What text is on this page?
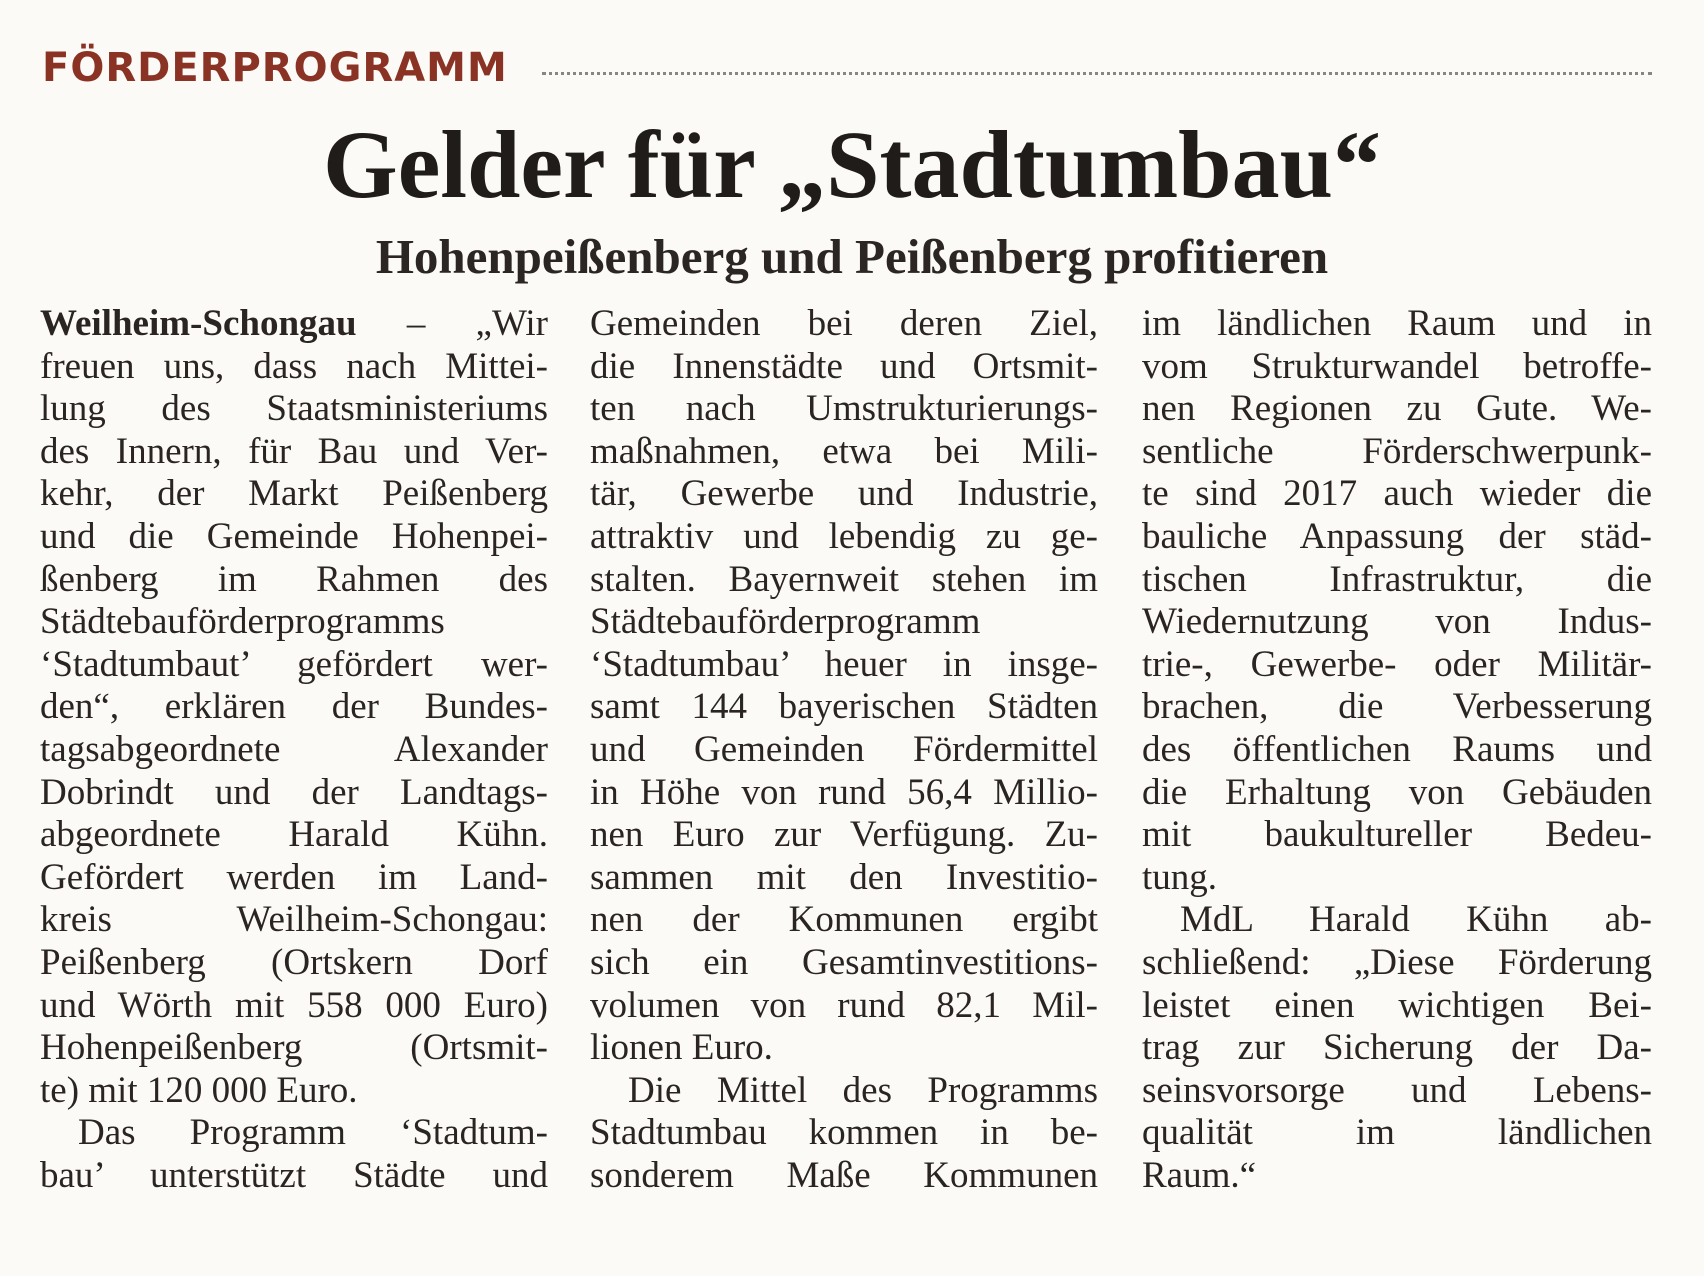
FÖRDERPROGRAMM
Gelder für „Stadtumbau“
Hohenpeißenberg und Peißenberg profitieren
Weilheim-Schongau – „Wir
freuen uns, dass nach Mittei-
lung des Staatsministeriums
des Innern, für Bau und Ver-
kehr, der Markt Peißenberg
und die Gemeinde Hohenpei-
ßenberg im Rahmen des
Städtebauförderprogramms
‘Stadtumbaut’ gefördert wer-
den“, erklären der Bundes-
tagsabgeordnete Alexander
Dobrindt und der Landtags-
abgeordnete Harald Kühn.
Gefördert werden im Land-
kreis Weilheim-Schongau:
Peißenberg (Ortskern Dorf
und Wörth mit 558 000 Euro)
Hohenpeißenberg (Ortsmit-
te) mit 120 000 Euro.
Das Programm ‘Stadtum-
bau’ unterstützt Städte und
Gemeinden bei deren Ziel,
die Innenstädte und Ortsmit-
ten nach Umstrukturierungs-
maßnahmen, etwa bei Mili-
tär, Gewerbe und Industrie,
attraktiv und lebendig zu ge-
stalten. Bayernweit stehen im
Städtebauförderprogramm
‘Stadtumbau’ heuer in insge-
samt 144 bayerischen Städten
und Gemeinden Fördermittel
in Höhe von rund 56,4 Millio-
nen Euro zur Verfügung. Zu-
sammen mit den Investitio-
nen der Kommunen ergibt
sich ein Gesamtinvestitions-
volumen von rund 82,1 Mil-
lionen Euro.
Die Mittel des Programms
Stadtumbau kommen in be-
sonderem Maße Kommunen
im ländlichen Raum und in
vom Strukturwandel betroffe-
nen Regionen zu Gute. We-
sentliche Förderschwerpunk-
te sind 2017 auch wieder die
bauliche Anpassung der städ-
tischen Infrastruktur, die
Wiedernutzung von Indus-
trie-, Gewerbe- oder Militär-
brachen, die Verbesserung
des öffentlichen Raums und
die Erhaltung von Gebäuden
mit baukultureller Bedeu-
tung.
MdL Harald Kühn ab-
schließend: „Diese Förderung
leistet einen wichtigen Bei-
trag zur Sicherung der Da-
seinsvorsorge und Lebens-
qualität im ländlichen
Raum.“
